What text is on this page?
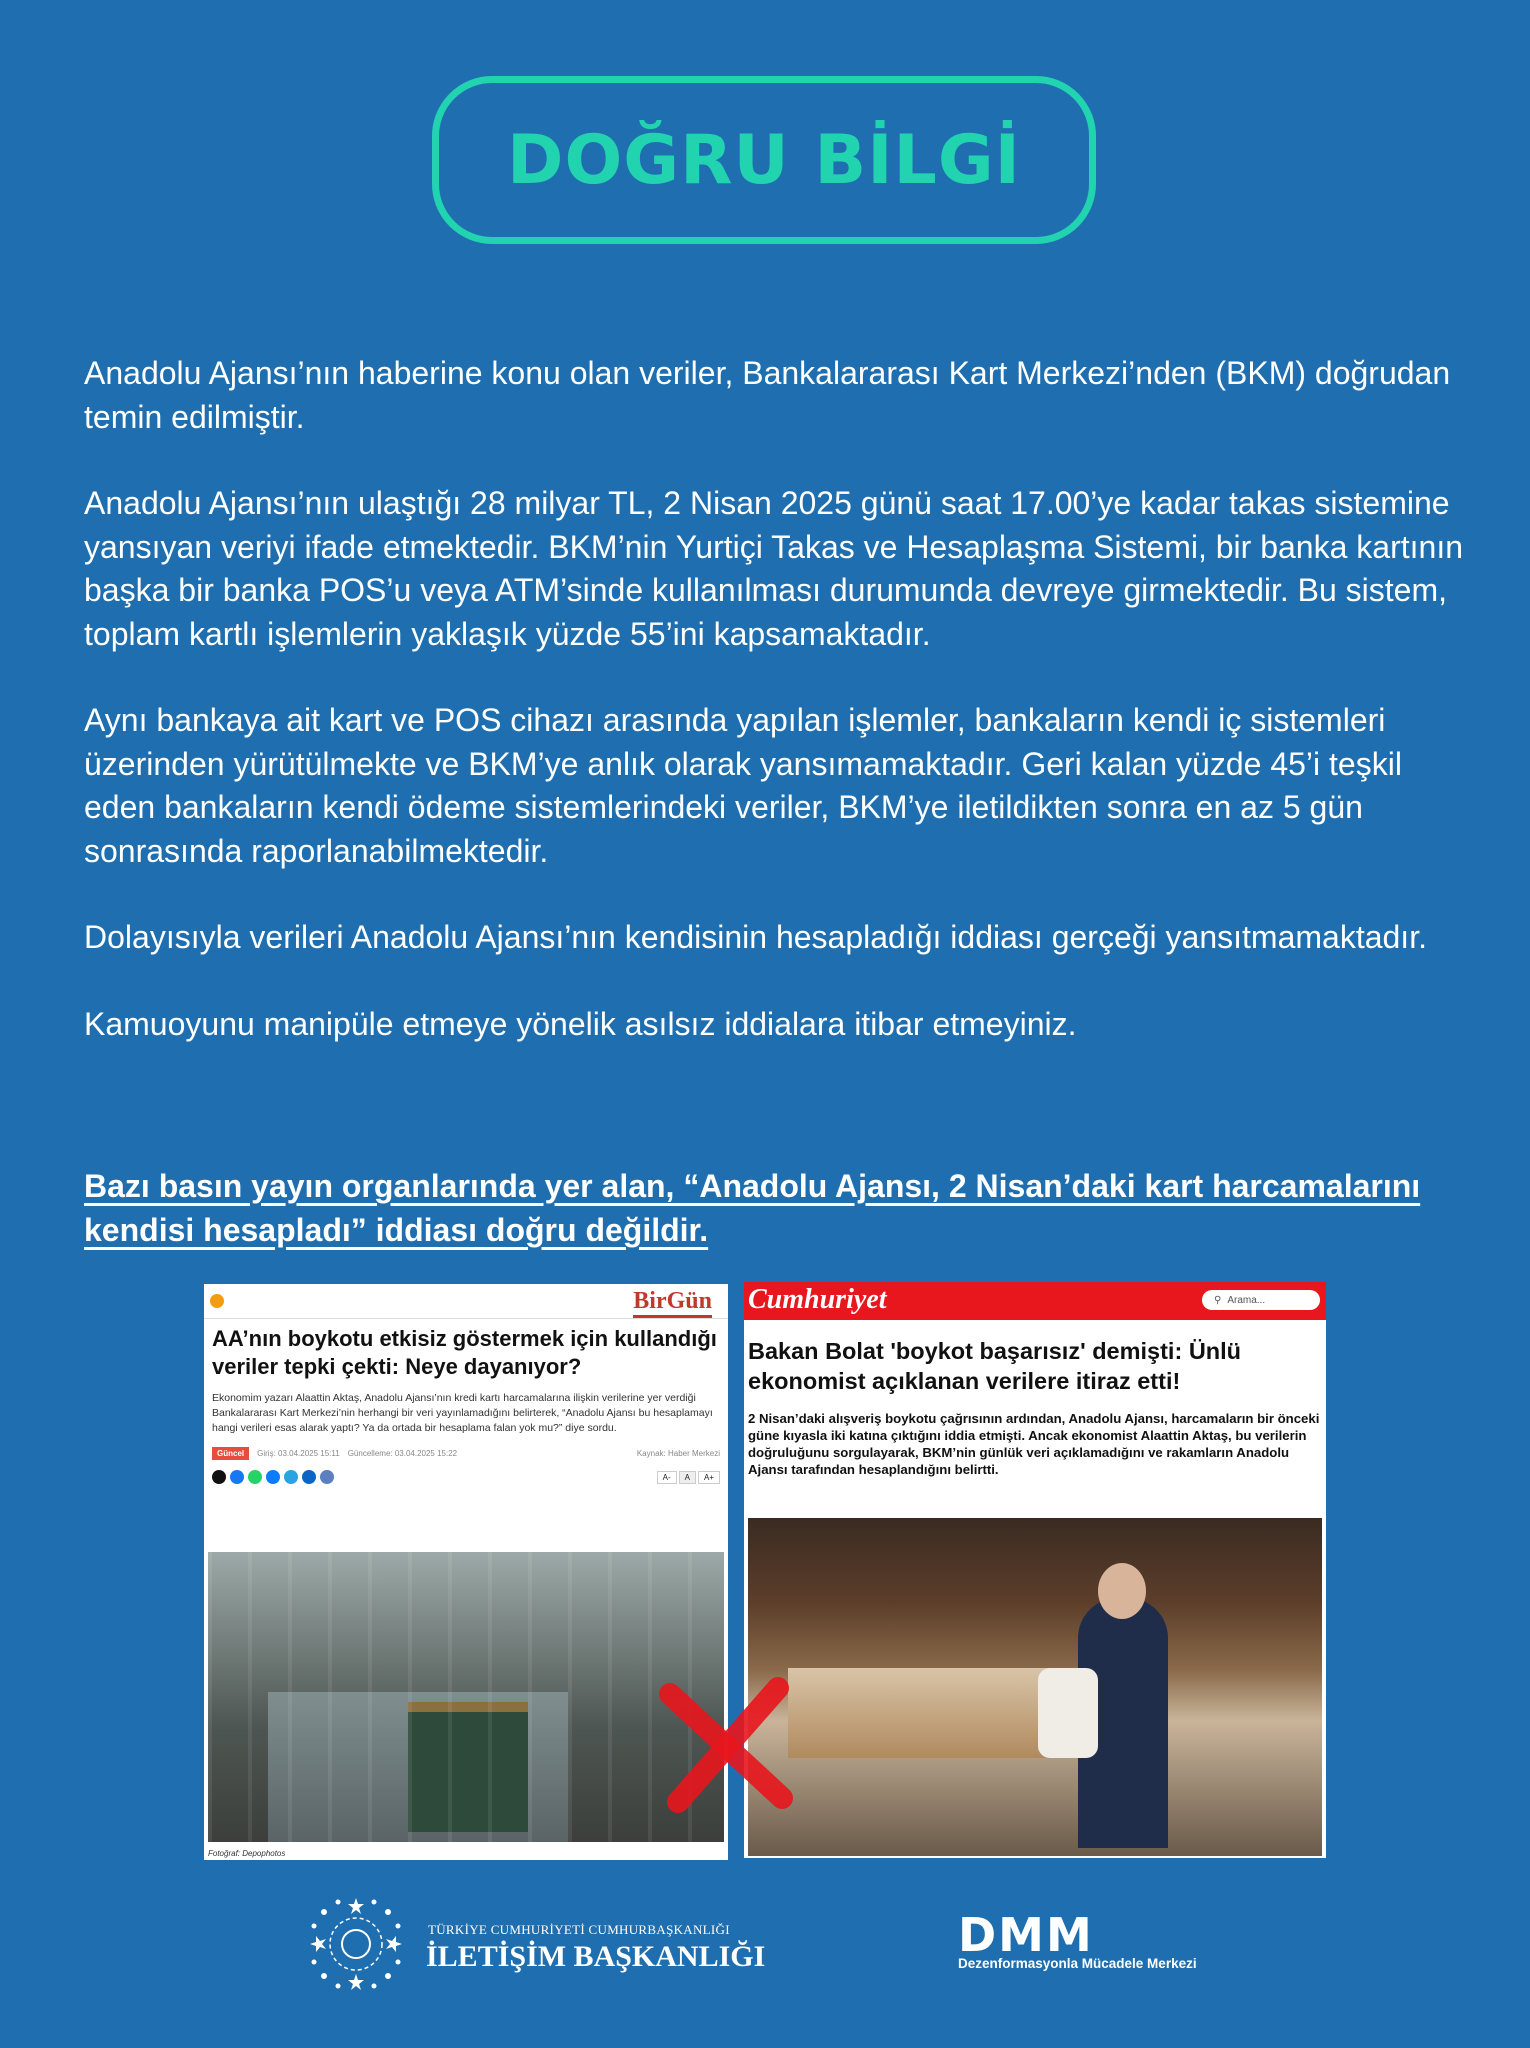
DOĞRU BİLGİ

Anadolu Ajansı’nın haberine konu olan veriler, Bankalararası Kart Merkezi’nden (BKM) doğrudan temin edilmiştir.

Anadolu Ajansı’nın ulaştığı 28 milyar TL, 2 Nisan 2025 günü saat 17.00’ye kadar takas sistemine yansıyan veriyi ifade etmektedir. BKM’nin Yurtiçi Takas ve Hesaplaşma Sistemi, bir banka kartının başka bir banka POS’u veya ATM’sinde kullanılması durumunda devreye girmektedir. Bu sistem, toplam kartlı işlemlerin yaklaşık yüzde 55’ini kapsamaktadır.

Aynı bankaya ait kart ve POS cihazı arasında yapılan işlemler, bankaların kendi iç sistemleri üzerinden yürütülmekte ve BKM’ye anlık olarak yansımamaktadır. Geri kalan yüzde 45’i teşkil eden bankaların kendi ödeme sistemlerindeki veriler, BKM’ye iletildikten sonra en az 5 gün sonrasında raporlanabilmektedir.

Dolayısıyla verileri Anadolu Ajansı’nın kendisinin hesapladığı iddiası gerçeği yansıtmamaktadır.

Kamuoyunu manipüle etmeye yönelik asılsız iddialara itibar etmeyiniz.

Bazı basın yayın organlarında yer alan, “Anadolu Ajansı, 2 Nisan’daki kart harcamalarını kendisi hesapladı” iddiası doğru değildir.
BirGün
AA’nın boykotu etkisiz göstermek için kullandığı veriler tepki çekti: Neye dayanıyor?
Ekonomim yazarı Alaattin Aktaş, Anadolu Ajansı’nın kredi kartı harcamalarına ilişkin verilerine yer verdiği Bankalararası Kart Merkezi’nin herhangi bir veri yayınlamadığını belirterek, “Anadolu Ajansı bu hesaplamayı hangi verileri esas alarak yaptı? Ya da ortada bir hesaplama falan yok mu?” diye sordu.
Güncel	Giriş: 03.04.2025 15:11 Güncelleme: 03.04.2025 15:22	Kaynak: Haber Merkezi
A-	A	A+
Fotoğraf: Depophotos
Cumhuriyet	⚲ Arama...
Bakan Bolat 'boykot başarısız' demişti: Ünlü ekonomist açıklanan verilere itiraz etti!
2 Nisan’daki alışveriş boykotu çağrısının ardından, Anadolu Ajansı, harcamaların bir önceki güne kıyasla iki katına çıktığını iddia etmişti. Ancak ekonomist Alaattin Aktaş, bu verilerin doğruluğunu sorgulayarak, BKM’nin günlük veri açıklamadığını ve rakamların Anadolu Ajansı tarafından hesaplandığını belirtti.
TÜRKİYE CUMHURİYETİ CUMHURBAŞKANLIĞI
İLETİŞİM BAŞKANLIĞI	DMM
Dezenformasyonla Mücadele Merkezi
